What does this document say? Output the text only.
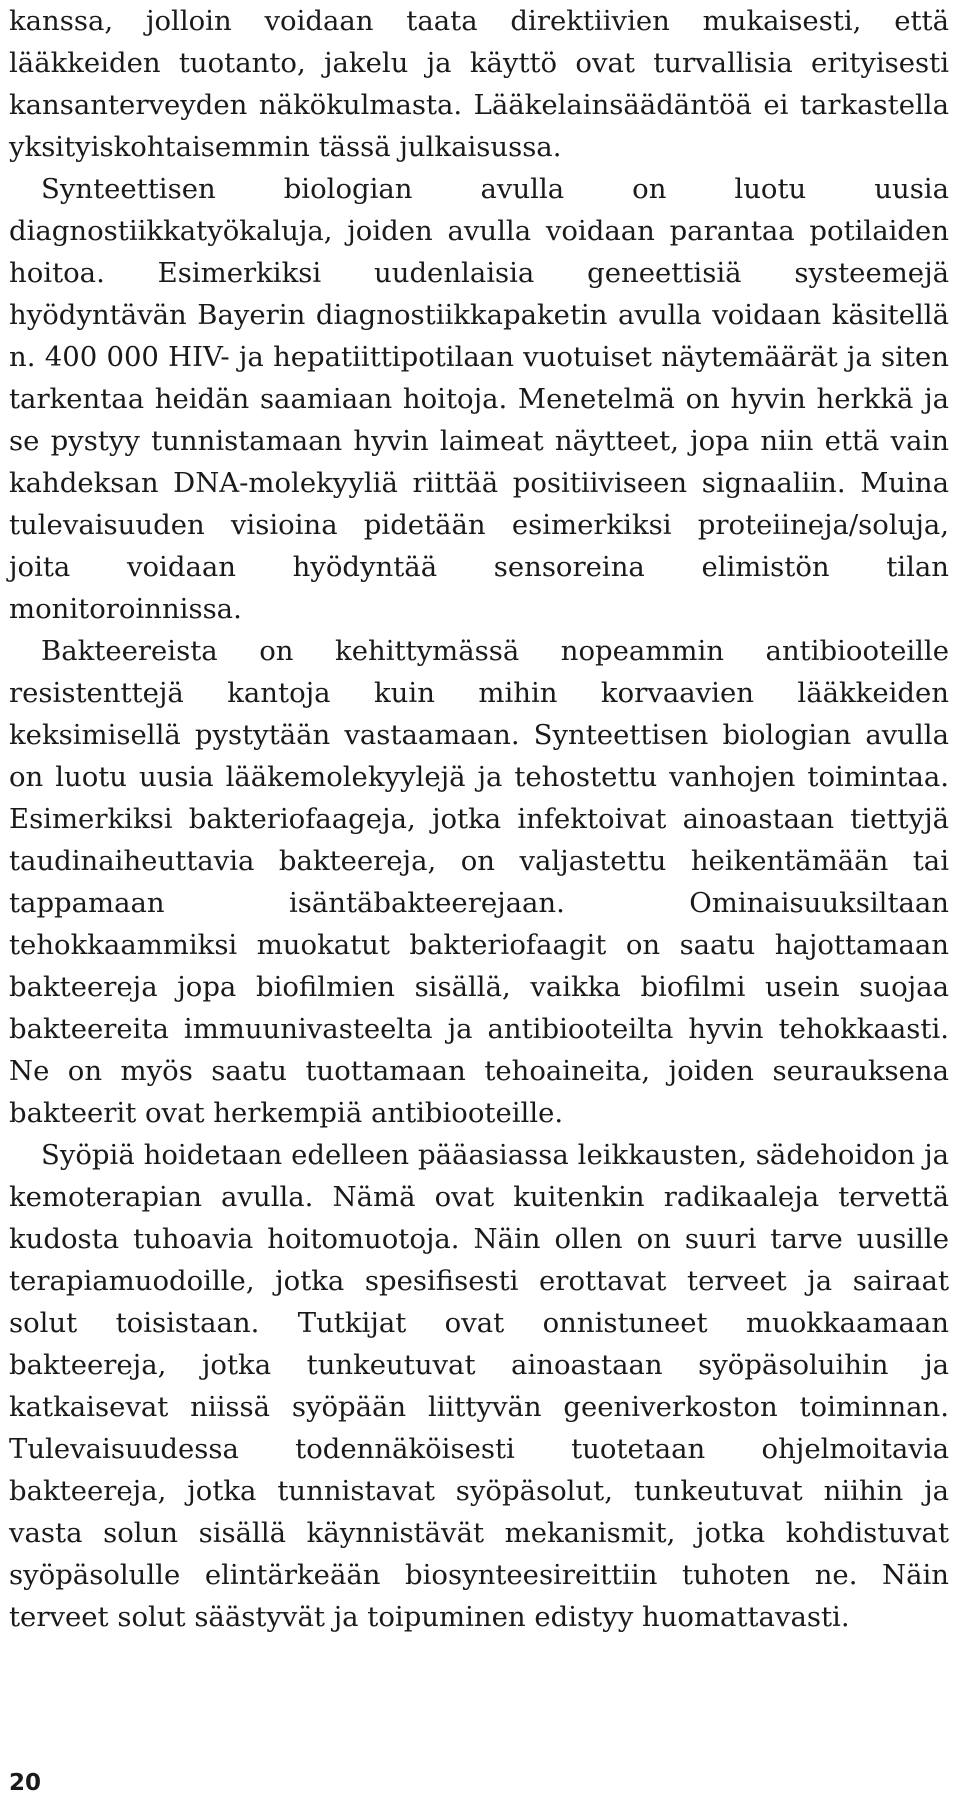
kanssa, jolloin voidaan taata direktiivien mukaisesti, että lääkkeiden tuotanto, jakelu ja käyttö ovat turvallisia erityisesti kansanterveyden näkökulmasta. Lääkelainsäädäntöä ei tarkastella yksityiskohtaisemmin tässä julkaisussa.

Synteettisen biologian avulla on luotu uusia diagnostiikkatyökaluja, joiden avulla voidaan parantaa potilaiden hoitoa. Esimerkiksi uudenlaisia geneettisiä systeemejä hyödyntävän Bayerin diagnostiikkapaketin avulla voidaan käsitellä n. 400 000 HIV- ja hepatiittipotilaan vuotuiset näytemäärät ja siten tarkentaa heidän saamiaan hoitoja. Menetelmä on hyvin herkkä ja se pystyy tunnistamaan hyvin laimeat näytteet, jopa niin että vain kahdeksan DNA-molekyyliä riittää positiiviseen signaaliin. Muina tulevaisuuden visioina pidetään esimerkiksi proteiineja/soluja, joita voidaan hyödyntää sensoreina elimistön tilan monitoroinnissa.

Bakteereista on kehittymässä nopeammin antibiooteille resistenttejä kantoja kuin mihin korvaavien lääkkeiden keksimisellä pystytään vastaamaan. Synteettisen biologian avulla on luotu uusia lääkemolekyylejä ja tehostettu vanhojen toimintaa. Esimerkiksi bakteriofaageja, jotka infektoivat ainoastaan tiettyjä taudinaiheuttavia bakteereja, on valjastettu heikentämään tai tappamaan isäntäbakteerejaan. Ominaisuuksiltaan tehokkaammiksi muokatut bakteriofaagit on saatu hajottamaan bakteereja jopa biofilmien sisällä, vaikka biofilmi usein suojaa bakteereita immuunivasteelta ja antibiooteilta hyvin tehokkaasti. Ne on myös saatu tuottamaan tehoaineita, joiden seurauksena bakteerit ovat herkempiä antibiooteille.

Syöpiä hoidetaan edelleen pääasiassa leikkausten, sädehoidon ja kemoterapian avulla. Nämä ovat kuitenkin radikaaleja tervettä kudosta tuhoavia hoitomuotoja. Näin ollen on suuri tarve uusille terapiamuodoille, jotka spesifisesti erottavat terveet ja sairaat solut toisistaan. Tutkijat ovat onnistuneet muokkaamaan bakteereja, jotka tunkeutuvat ainoastaan syöpäsoluihin ja katkaisevat niissä syöpään liittyvän geeniverkoston toiminnan. Tulevaisuudessa todennäköisesti tuotetaan ohjelmoitavia bakteereja, jotka tunnistavat syöpäsolut, tunkeutuvat niihin ja vasta solun sisällä käynnistävät mekanismit, jotka kohdistuvat syöpäsolulle elintärkeään biosynteesireittiin tuhoten ne. Näin terveet solut säästyvät ja toipuminen edistyy huomattavasti.

20
